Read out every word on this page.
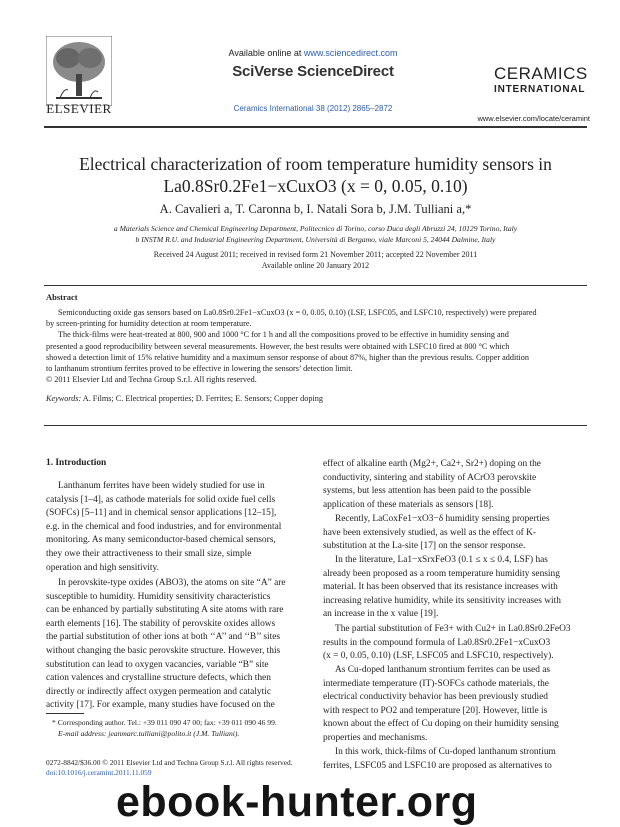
ELSEVIER
Available online at www.sciencedirect.com
SciVerse ScienceDirect
Ceramics International 38 (2012) 2865–2872
CERAMICS
INTERNATIONAL
www.elsevier.com/locate/ceramint
Electrical characterization of room temperature humidity sensors in
La0.8Sr0.2Fe1−xCuxO3 (x = 0, 0.05, 0.10)
A. Cavalieri a, T. Caronna b, I. Natali Sora b, J.M. Tulliani a,*
a Materials Science and Chemical Engineering Department, Politecnico di Torino, corso Duca degli Abruzzi 24, 10129 Torino, Italy
b INSTM R.U. and Industrial Engineering Department, Università di Bergamo, viale Marconi 5, 24044 Dalmine, Italy
Received 24 August 2011; received in revised form 21 November 2011; accepted 22 November 2011
Available online 20 January 2012
Abstract
Semiconducting oxide gas sensors based on La0.8Sr0.2Fe1−xCuxO3 (x = 0, 0.05, 0.10) (LSF, LSFC05, and LSFC10, respectively) were prepared
by screen-printing for humidity detection at room temperature.
The thick-films were heat-treated at 800, 900 and 1000 °C for 1 h and all the compositions proved to be effective in humidity sensing and
presented a good reproducibility between several measurements. However, the best results were obtained with LSFC10 fired at 800 °C which
showed a detection limit of 15% relative humidity and a maximum sensor response of about 87%, higher than the previous results. Copper addition
to lanthanum strontium ferrites proved to be effective in lowering the sensors’ detection limit.
© 2011 Elsevier Ltd and Techna Group S.r.l. All rights reserved.
Keywords: A. Films; C. Electrical properties; D. Ferrites; E. Sensors; Copper doping
1. Introduction
Lanthanum ferrites have been widely studied for use in
catalysis [1–4], as cathode materials for solid oxide fuel cells
(SOFCs) [5–11] and in chemical sensor applications [12–15],
e.g. in the chemical and food industries, and for environmental
monitoring. As many semiconductor-based chemical sensors,
they owe their attractiveness to their small size, simple
operation and high sensitivity.
In perovskite-type oxides (ABO3), the atoms on site “A” are
susceptible to humidity. Humidity sensitivity characteristics
can be enhanced by partially substituting A site atoms with rare
earth elements [16]. The stability of perovskite oxides allows
the partial substitution of other ions at both ‘‘A’’ and ‘‘B’’ sites
without changing the basic perovskite structure. However, this
substitution can lead to oxygen vacancies, variable “B” site
cation valences and crystalline structure defects, which then
directly or indirectly affect oxygen permeation and catalytic
activity [17]. For example, many studies have focused on the
* Corresponding author. Tel.: +39 011 090 47 00; fax: +39 011 090 46 99.
E-mail address: jeanmarc.tulliani@polito.it (J.M. Tulliani).
effect of alkaline earth (Mg2+, Ca2+, Sr2+) doping on the
conductivity, sintering and stability of ACrO3 perovskite
systems, but less attention has been paid to the possible
application of these materials as sensors [18].
Recently, LaCoxFe1−xO3−δ humidity sensing properties
have been extensively studied, as well as the effect of K-
substitution at the La-site [17] on the sensor response.
In the literature, La1−xSrxFeO3 (0.1 ≤ x ≤ 0.4, LSF) has
already been proposed as a room temperature humidity sensing
material. It has been observed that its resistance increases with
increasing relative humidity, while its sensitivity increases with
an increase in the x value [19].
The partial substitution of Fe3+ with Cu2+ in La0.8Sr0.2FeO3
results in the compound formula of La0.8Sr0.2Fe1−xCuxO3
(x = 0, 0.05, 0.10) (LSF, LSFC05 and LSFC10, respectively).
As Cu-doped lanthanum strontium ferrites can be used as
intermediate temperature (IT)-SOFCs cathode materials, the
electrical conductivity behavior has been previously studied
with respect to PO2 and temperature [20]. However, little is
known about the effect of Cu doping on their humidity sensing
properties and mechanisms.
In this work, thick-films of Cu-doped lanthanum strontium
ferrites, LSFC05 and LSFC10 are proposed as alternatives to
0272-8842/$36.00 © 2011 Elsevier Ltd and Techna Group S.r.l. All rights reserved.
doi:10.1016/j.ceramint.2011.11.059
ebook-hunter.org
